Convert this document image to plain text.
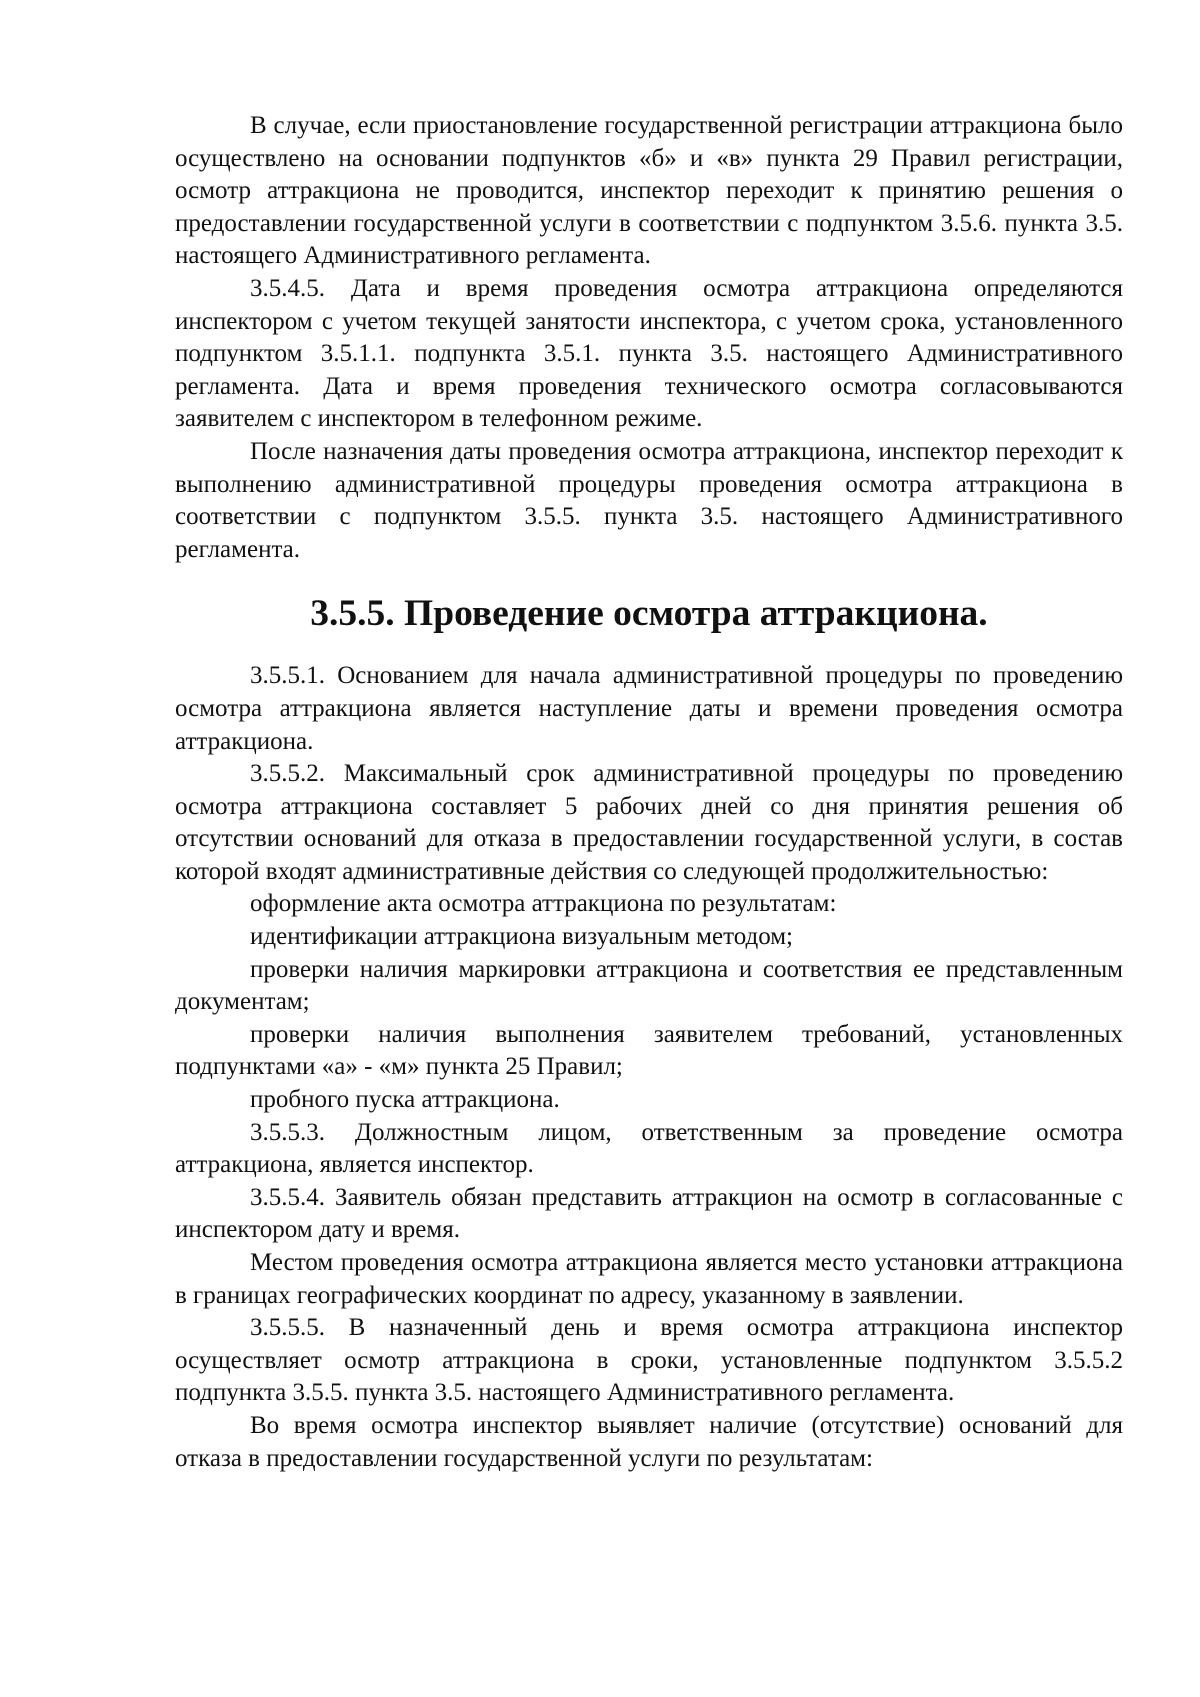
В случае, если приостановление государственной регистрации аттракциона было осуществлено на основании подпунктов «б» и «в» пункта 29 Правил регистрации, осмотр аттракциона не проводится, инспектор переходит к принятию решения о предоставлении государственной услуги в соответствии с подпунктом 3.5.6. пункта 3.5. настоящего Административного регламента.

3.5.4.5. Дата и время проведения осмотра аттракциона определяются инспектором с учетом текущей занятости инспектора, с учетом срока, установленного подпунктом 3.5.1.1. подпункта 3.5.1. пункта 3.5. настоящего Административного регламента. Дата и время проведения технического осмотра согласовываются заявителем с инспектором в телефонном режиме.

После назначения даты проведения осмотра аттракциона, инспектор переходит к выполнению административной процедуры проведения осмотра аттракциона в соответствии с подпунктом 3.5.5. пункта 3.5. настоящего Административного регламента.

3.5.5. Проведение осмотра аттракциона.

3.5.5.1. Основанием для начала административной процедуры по проведению осмотра аттракциона является наступление даты и времени проведения осмотра аттракциона.

3.5.5.2. Максимальный срок административной процедуры по проведению осмотра аттракциона составляет 5 рабочих дней со дня принятия решения об отсутствии оснований для отказа в предоставлении государственной услуги, в состав которой входят административные действия со следующей продолжительностью:

оформление акта осмотра аттракциона по результатам:

идентификации аттракциона визуальным методом;

проверки наличия маркировки аттракциона и соответствия ее представленным документам;

проверки наличия выполнения заявителем требований, установленных подпунктами «а» - «м» пункта 25 Правил;

пробного пуска аттракциона.

3.5.5.3. Должностным лицом, ответственным за проведение осмотра аттракциона, является инспектор.

3.5.5.4. Заявитель обязан представить аттракцион на осмотр в согласованные с инспектором дату и время.

Местом проведения осмотра аттракциона является место установки аттракциона в границах географических координат по адресу, указанному в заявлении.

3.5.5.5. В назначенный день и время осмотра аттракциона инспектор осуществляет осмотр аттракциона в сроки, установленные подпунктом 3.5.5.2 подпункта 3.5.5. пункта 3.5. настоящего Административного регламента.

Во время осмотра инспектор выявляет наличие (отсутствие) оснований для отказа в предоставлении государственной услуги по результатам:
